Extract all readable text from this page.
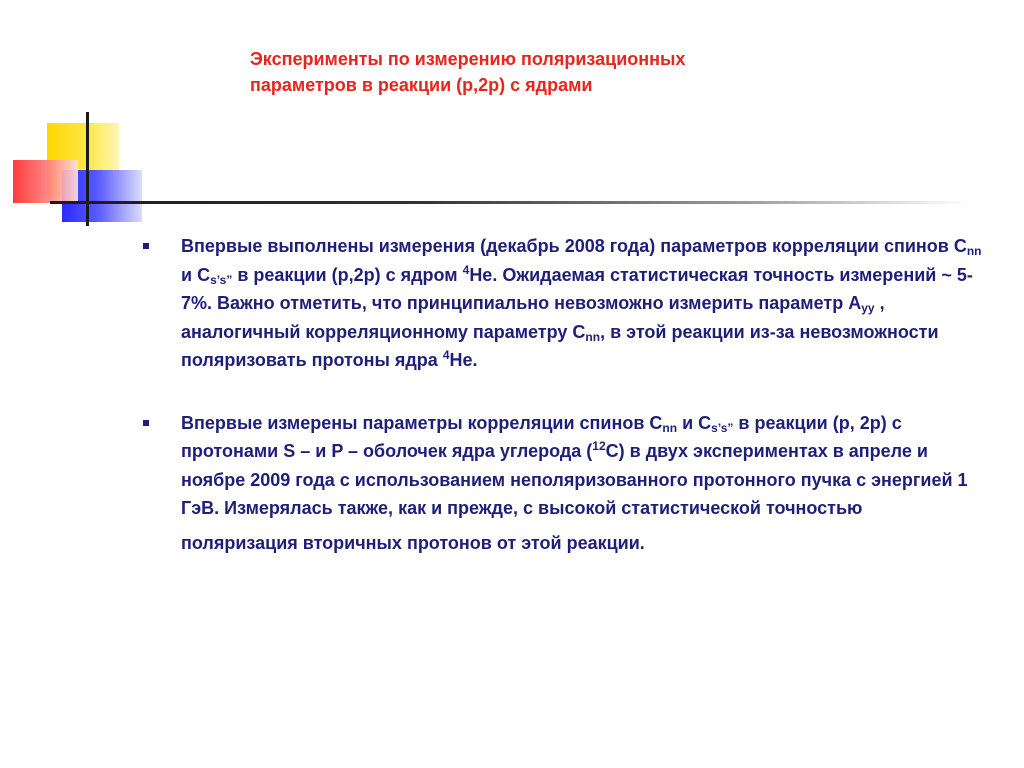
Эксперименты по измерению поляризационных
параметров в реакции (p,2p) с ядрами
Впервые выполнены измерения (декабрь 2008 года) параметров корреляции спинов $C_{nn}$ и $C_{s’s”}$ в реакции (p,2p) с ядром $^4$He. Ожидаемая статистическая точность измерений ~ 5-7%. Важно отметить, что принципиально невозможно измерить параметр $A_{yy}$ , аналогичный корреляционному параметру $C_{nn}$, в этой реакции из-за невозможности поляризовать протоны ядра $^4$He.
Впервые измерены параметры корреляции спинов $C_{nn}$ и $C_{s’s”}$ в реакции (p, 2p) с протонами S – и P – оболочек ядра углерода ($^{12}$C) в двух экспериментах в апреле и ноябре 2009 года с использованием неполяризованного протонного пучка с энергией 1 ГэВ. Измерялась также, как и прежде, с высокой статистической точностью
поляризация вторичных протонов от этой реакции.
